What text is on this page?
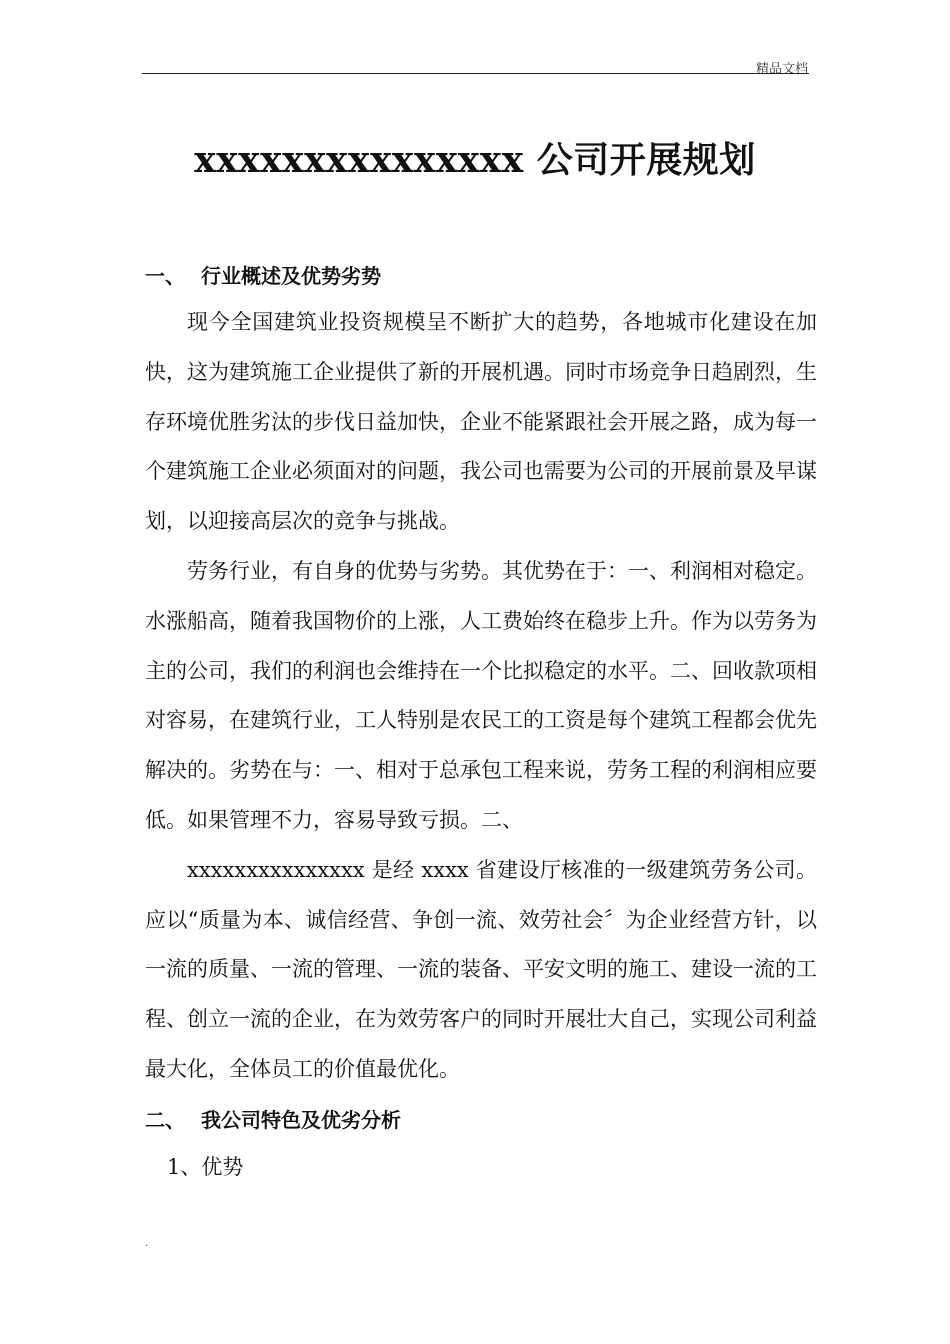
精品文档
xxxxxxxxxxxxxxx 公司开展规划
一、 行业概述及优势劣势

现今全国建筑业投资规模呈不断扩大的趋势，各地城市化建设在加快，这为建筑施工企业提供了新的开展机遇。同时市场竞争日趋剧烈，生存环境优胜劣汰的步伐日益加快，企业不能紧跟社会开展之路，成为每一个建筑施工企业必须面对的问题，我公司也需要为公司的开展前景及早谋划，以迎接高层次的竞争与挑战。

劳务行业，有自身的优势与劣势。其优势在于：一、利润相对稳定。水涨船高，随着我国物价的上涨，人工费始终在稳步上升。作为以劳务为主的公司，我们的利润也会维持在一个比拟稳定的水平。二、回收款项相对容易，在建筑行业，工人特别是农民工的工资是每个建筑工程都会优先解决的。劣势在与：一、相对于总承包工程来说，劳务工程的利润相应要低。如果管理不力，容易导致亏损。二、

xxxxxxxxxxxxxxx 是经 xxxx 省建设厅核准的一级建筑劳务公司。应以“质量为本、诚信经营、争创一流、效劳社会〞为企业经营方针，以一流的质量、一流的管理、一流的装备、平安文明的施工、建设一流的工程、创立一流的企业，在为效劳客户的同时开展壮大自己，实现公司利益最大化，全体员工的价值最优化。

二、 我公司特色及优劣分析

1、优势

.
